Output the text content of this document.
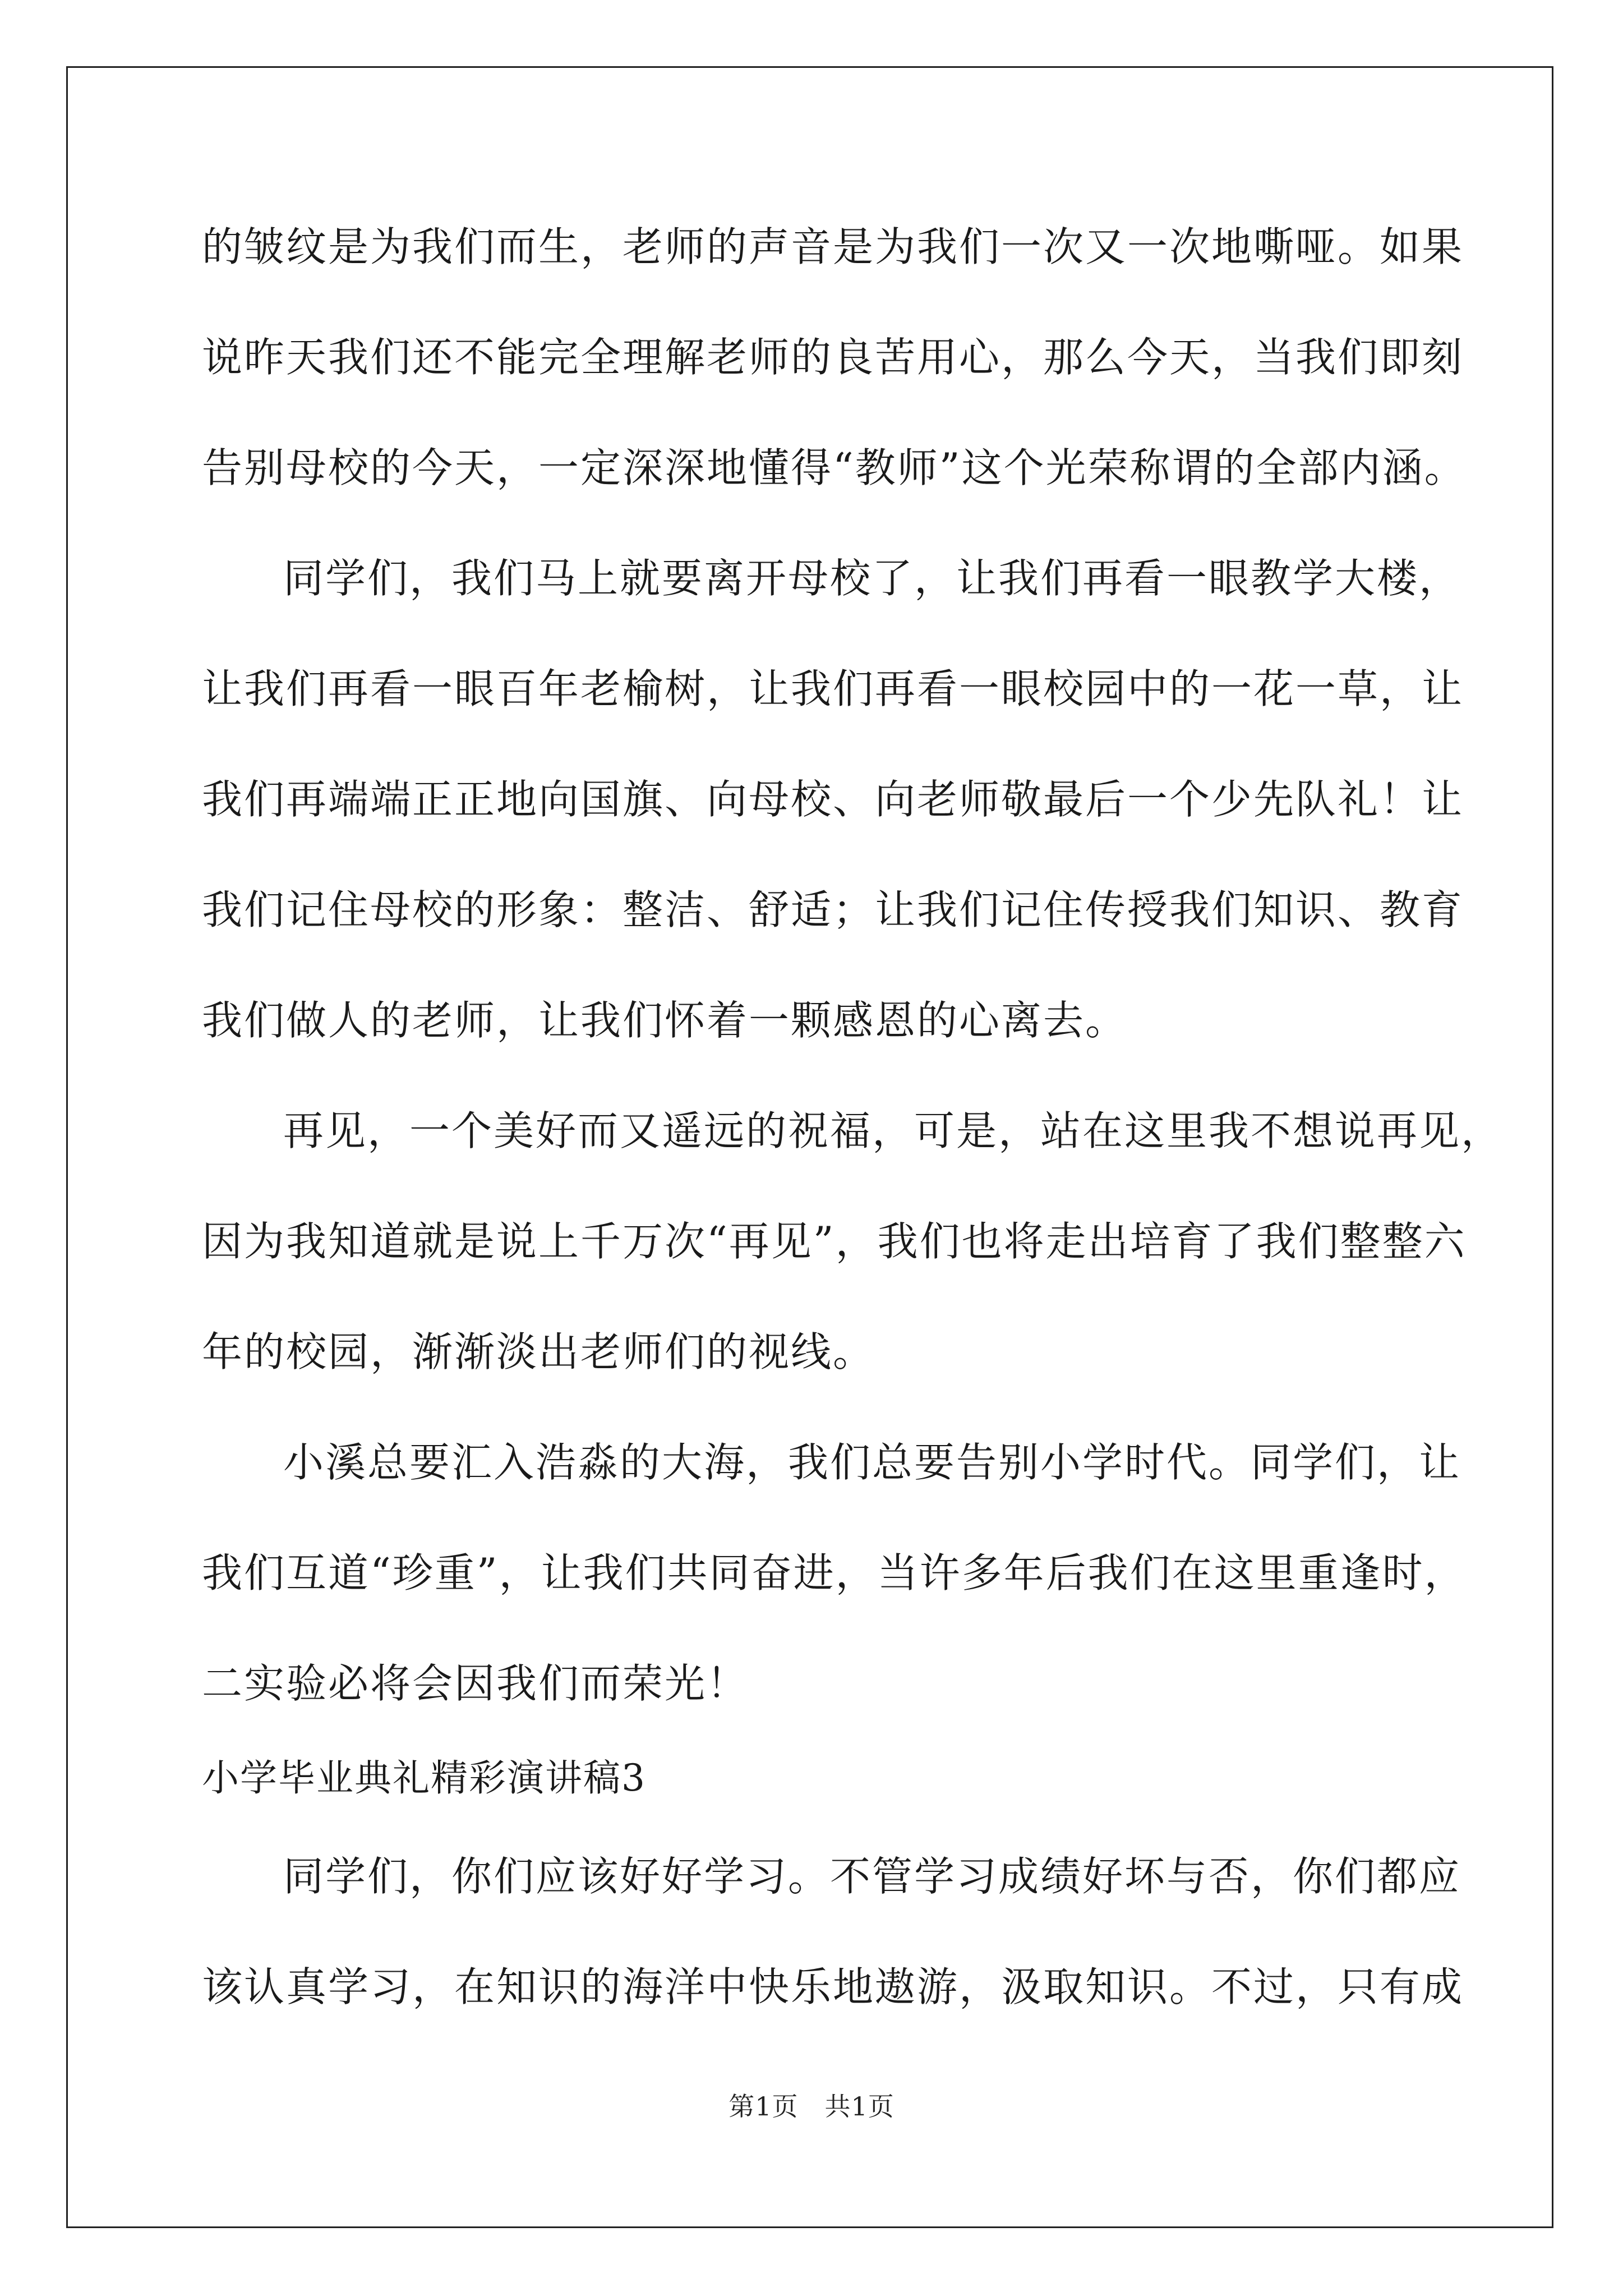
的皱纹是为我们而生，老师的声音是为我们一次又一次地嘶哑。如果

说昨天我们还不能完全理解老师的良苦用心，那么今天，当我们即刻

告别母校的今天，一定深深地懂得“教师”这个光荣称谓的全部内涵。

同学们，我们马上就要离开母校了，让我们再看一眼教学大楼，

让我们再看一眼百年老榆树，让我们再看一眼校园中的一花一草，让

我们再端端正正地向国旗、向母校、向老师敬最后一个少先队礼！让

我们记住母校的形象：整洁、舒适；让我们记住传授我们知识、教育

我们做人的老师，让我们怀着一颗感恩的心离去。

再见，一个美好而又遥远的祝福，可是，站在这里我不想说再见，

因为我知道就是说上千万次“再见”，我们也将走出培育了我们整整六

年的校园，渐渐淡出老师们的视线。

小溪总要汇入浩淼的大海，我们总要告别小学时代。同学们，让

我们互道“珍重”，让我们共同奋进，当许多年后我们在这里重逢时，

二实验必将会因我们而荣光！

小学毕业典礼精彩演讲稿3

同学们，你们应该好好学习。不管学习成绩好坏与否，你们都应

该认真学习，在知识的海洋中快乐地遨游，汲取知识。不过，只有成

第1页　共1页
